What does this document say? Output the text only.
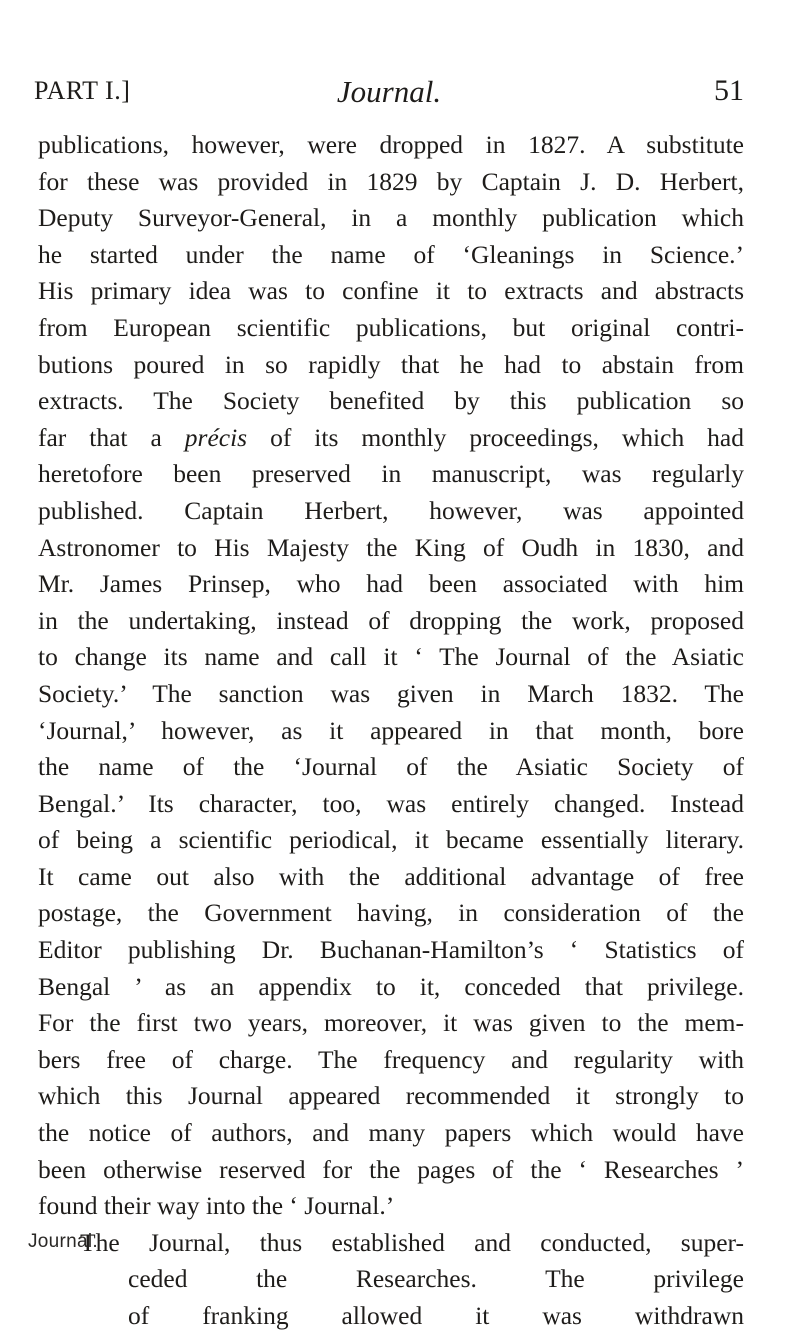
PART I.]	Journal.	51
publications, however, were dropped in 1827. A substitute
for these was provided in 1829 by Captain J. D. Herbert,
Deputy Surveyor-General, in a monthly publication which
he started under the name of ‘Gleanings in Science.’
His primary idea was to confine it to extracts and abstracts
from European scientific publications, but original contri-
butions poured in so rapidly that he had to abstain from
extracts. The Society benefited by this publication so
far that a précis of its monthly proceedings, which had
heretofore been preserved in manuscript, was regularly
published. Captain Herbert, however, was appointed
Astronomer to His Majesty the King of Oudh in 1830, and
Mr. James Prinsep, who had been associated with him
in the undertaking, instead of dropping the work, proposed
to change its name and call it ‘ The Journal of the Asiatic
Society.’ The sanction was given in March 1832. The
‘Journal,’ however, as it appeared in that month, bore
the name of the ‘Journal of the Asiatic Society of
Bengal.’ Its character, too, was entirely changed. Instead
of being a scientific periodical, it became essentially literary.
It came out also with the additional advantage of free
postage, the Government having, in consideration of the
Editor publishing Dr. Buchanan-Hamilton’s ‘ Statistics of
Bengal ’ as an appendix to it, conceded that privilege.
For the first two years, moreover, it was given to the mem-
bers free of charge. The frequency and regularity with
which this Journal appeared recommended it strongly to
the notice of authors, and many papers which would have
been otherwise reserved for the pages of the ‘ Researches ’
found their way into the ‘ Journal.’
The Journal, thus established and conducted, super-
ceded the Researches. The privilege
of franking allowed it was withdrawn
Journal.
